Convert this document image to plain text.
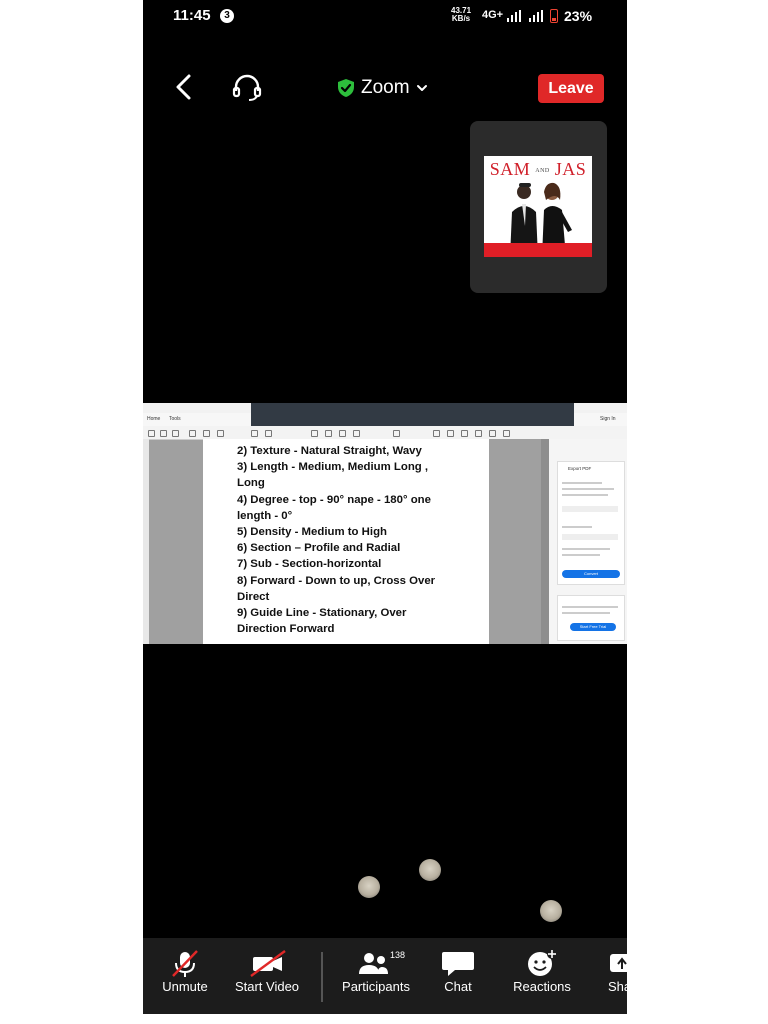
11:45	3	43.71
KB/s 4G+	23%
Zoom	Leave
SAM AND JAS
Home Tools	Sign In
2) Texture - Natural Straight, Wavy
3) Length - Medium, Medium Long ,
Long
4) Degree - top - 90° nape - 180° one
length - 0°
5) Density - Medium to High
6) Section – Profile and Radial
7) Sub - Section-horizontal
8) Forward - Down to up, Cross Over
Direct
9) Guide Line - Stationary, Over
Direction Forward
Export PDF
Convert
Start Free Trial
Unmute	Start Video
138
Participants	Chat	Reactions	Share
